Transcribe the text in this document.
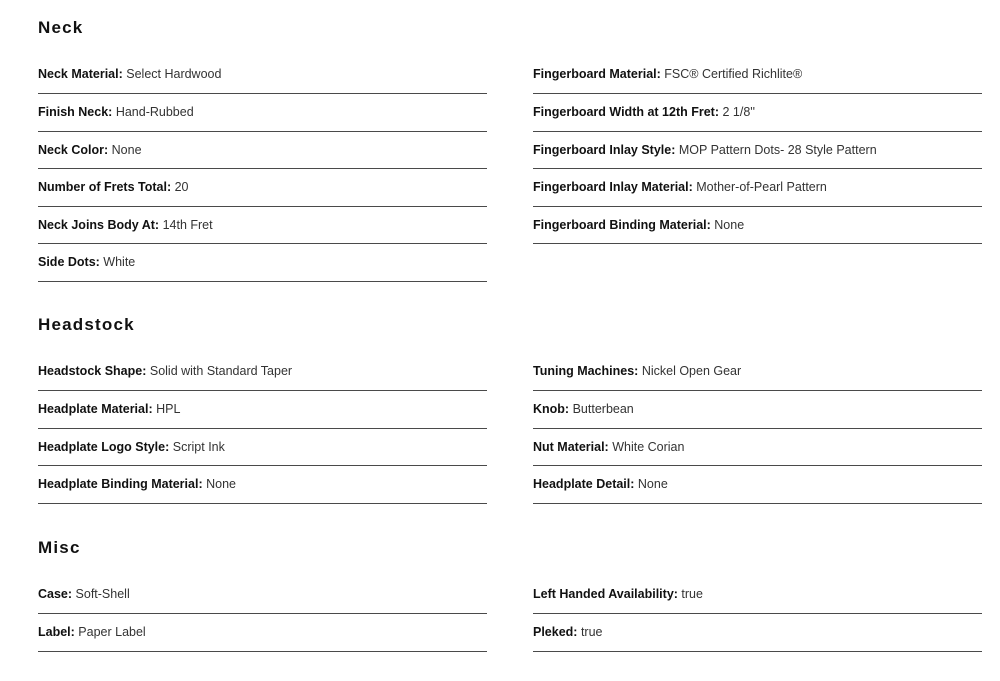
Neck
Neck Material: Select Hardwood
Finish Neck: Hand-Rubbed
Neck Color: None
Number of Frets Total: 20
Neck Joins Body At: 14th Fret
Side Dots: White
Fingerboard Material: FSC® Certified Richlite®
Fingerboard Width at 12th Fret: 2 1/8''
Fingerboard Inlay Style: MOP Pattern Dots- 28 Style Pattern
Fingerboard Inlay Material: Mother-of-Pearl Pattern
Fingerboard Binding Material: None
Headstock
Headstock Shape: Solid with Standard Taper
Headplate Material: HPL
Headplate Logo Style: Script Ink
Headplate Binding Material: None
Tuning Machines: Nickel Open Gear
Knob: Butterbean
Nut Material: White Corian
Headplate Detail: None
Misc
Case: Soft-Shell
Label: Paper Label
Left Handed Availability: true
Pleked: true
